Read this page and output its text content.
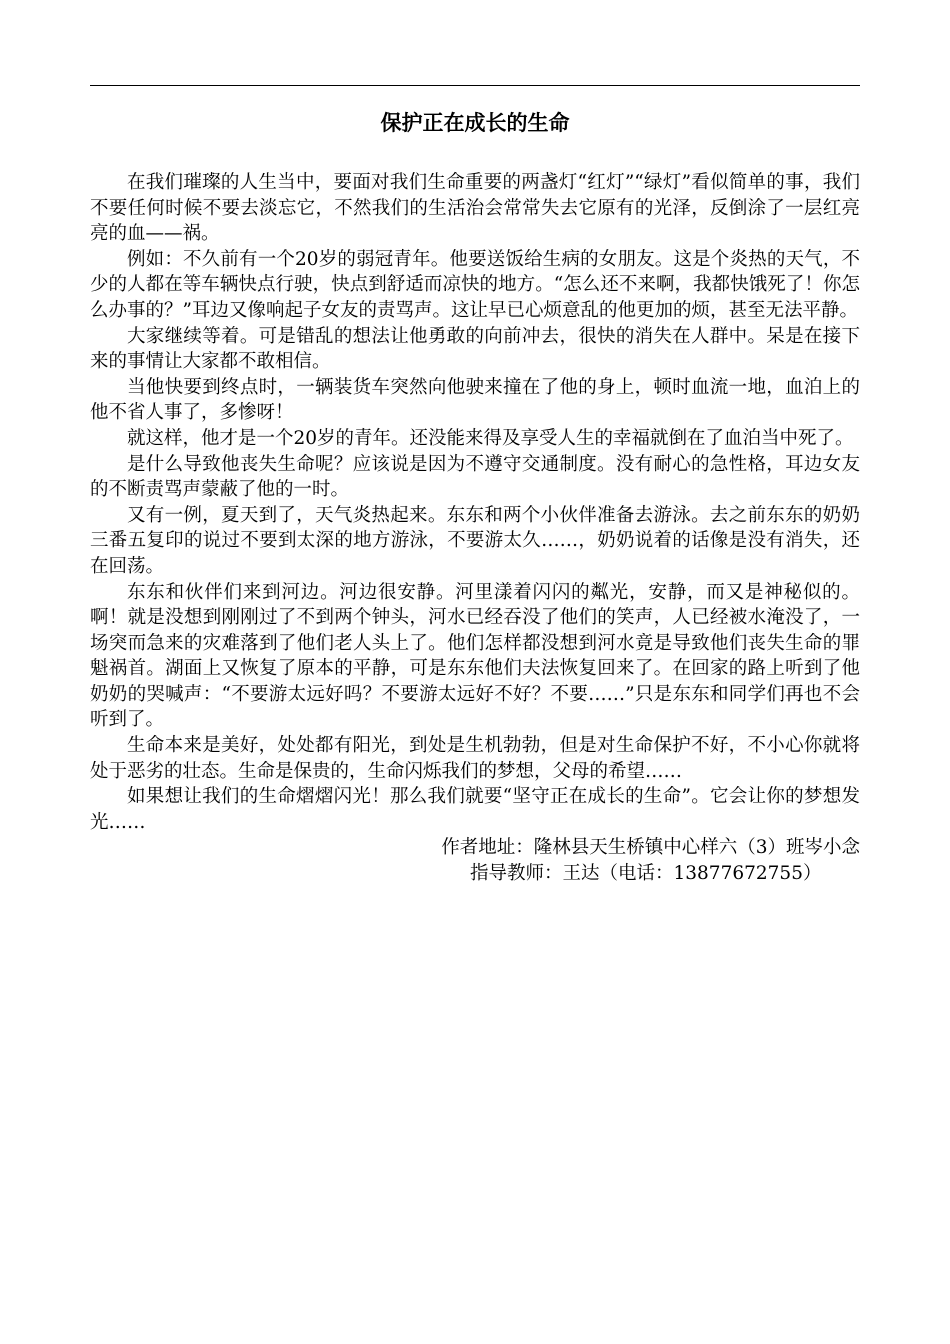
保护正在成长的生命

在我们璀璨的人生当中，要面对我们生命重要的两盏灯“红灯”“绿灯”看似简单的事，我们不要任何时候不要去淡忘它，不然我们的生活治会常常失去它原有的光泽，反倒涂了一层红亮亮的血——祸。

例如：不久前有一个20岁的弱冠青年。他要送饭给生病的女朋友。这是个炎热的天气，不少的人都在等车辆快点行驶，快点到舒适而凉快的地方。“怎么还不来啊，我都快饿死了！你怎么办事的？”耳边又像响起子女友的责骂声。这让早已心烦意乱的他更加的烦，甚至无法平静。

大家继续等着。可是错乱的想法让他勇敢的向前冲去，很快的消失在人群中。呆是在接下来的事情让大家都不敢相信。

当他快要到终点时，一辆装货车突然向他驶来撞在了他的身上，顿时血流一地，血泊上的他不省人事了，多惨呀！

就这样，他才是一个20岁的青年。还没能来得及享受人生的幸福就倒在了血泊当中死了。

是什么导致他丧失生命呢？应该说是因为不遵守交通制度。没有耐心的急性格，耳边女友的不断责骂声蒙蔽了他的一时。

又有一例，夏天到了，天气炎热起来。东东和两个小伙伴准备去游泳。去之前东东的奶奶三番五复印的说过不要到太深的地方游泳，不要游太久……，奶奶说着的话像是没有消失，还在回荡。

东东和伙伴们来到河边。河边很安静。河里漾着闪闪的粼光，安静，而又是神秘似的。啊！就是没想到刚刚过了不到两个钟头，河水已经吞没了他们的笑声，人已经被水淹没了，一场突而急来的灾难落到了他们老人头上了。他们怎样都没想到河水竟是导致他们丧失生命的罪魁祸首。湖面上又恢复了原本的平静，可是东东他们夫法恢复回来了。在回家的路上听到了他奶奶的哭喊声：“不要游太远好吗？不要游太远好不好？不要……”只是东东和同学们再也不会听到了。

生命本来是美好，处处都有阳光，到处是生机勃勃，但是对生命保护不好，不小心你就将处于恶劣的壮态。生命是保贵的，生命闪烁我们的梦想，父母的希望……

如果想让我们的生命熠熠闪光！那么我们就要“坚守正在成长的生命”。它会让你的梦想发光……

作者地址：隆林县天生桥镇中心样六（3）班岑小念
指导教师：王达（电话：13877672755）
